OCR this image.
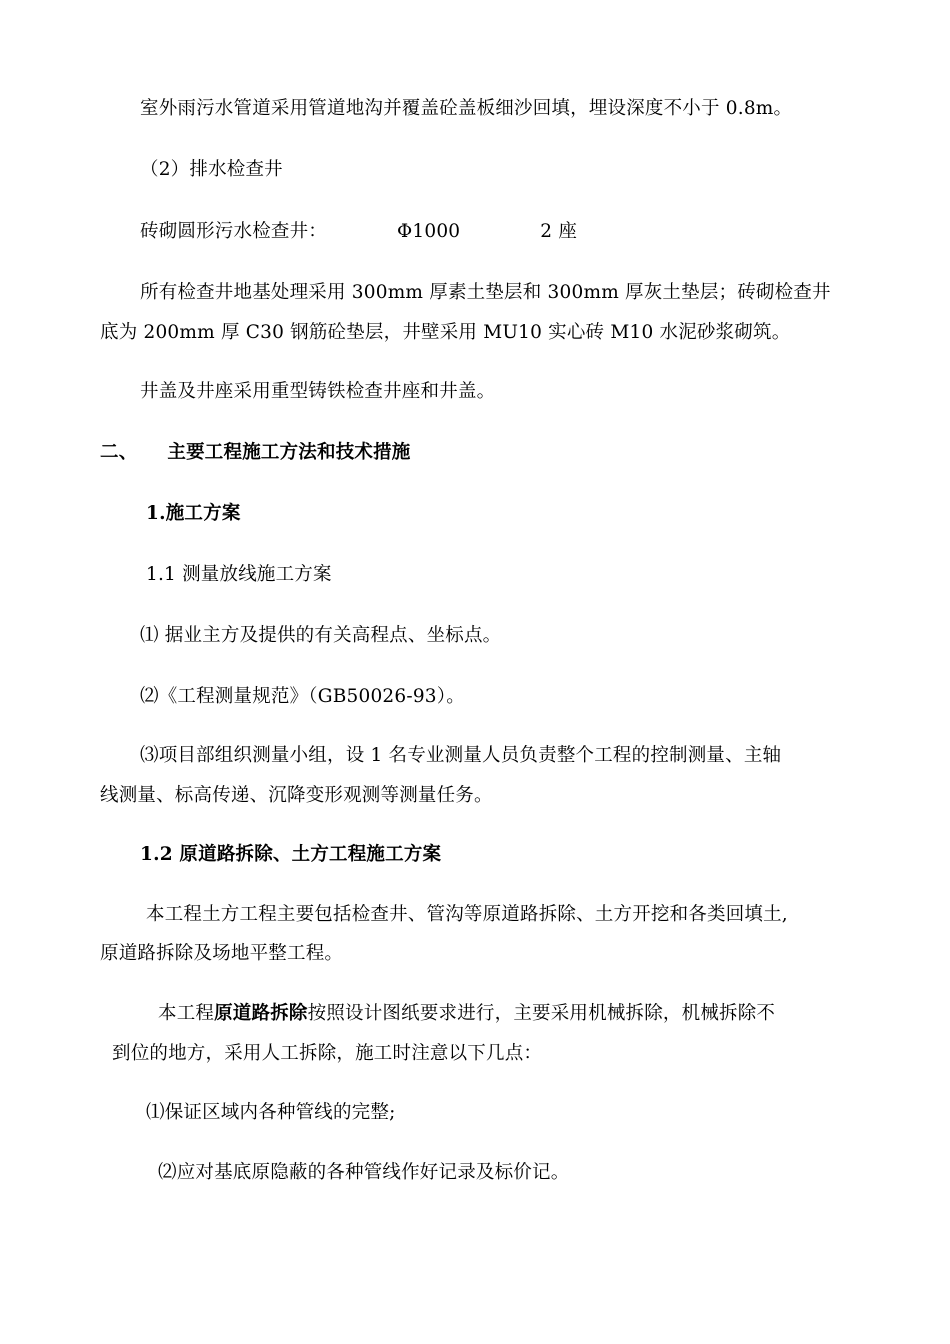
室外雨污水管道采用管道地沟并覆盖砼盖板细沙回填，埋设深度不小于 0.8m。
（2）排水检查井
砖砌圆形污水检查井：	Φ1000	2 座
所有检查井地基处理采用 300mm 厚素土垫层和 300mm 厚灰土垫层；砖砌检查井
底为 200mm 厚 C30 钢筋砼垫层，井壁采用 MU10 实心砖 M10 水泥砂浆砌筑。
井盖及井座采用重型铸铁检查井座和井盖。
二、 主要工程施工方法和技术措施
1.施工方案
1.1 测量放线施工方案
⑴ 据业主方及提供的有关高程点、坐标点。
⑵《工程测量规范》（GB50026-93）。
⑶项目部组织测量小组，设 1 名专业测量人员负责整个工程的控制测量、主轴
线测量、标高传递、沉降变形观测等测量任务。
1.2 原道路拆除、土方工程施工方案
本工程土方工程主要包括检查井、管沟等原道路拆除、土方开挖和各类回填土,
原道路拆除及场地平整工程。
本工程原道路拆除按照设计图纸要求进行，主要采用机械拆除，机械拆除不
到位的地方，采用人工拆除，施工时注意以下几点：
⑴保证区域内各种管线的完整;
⑵应对基底原隐蔽的各种管线作好记录及标价记。
